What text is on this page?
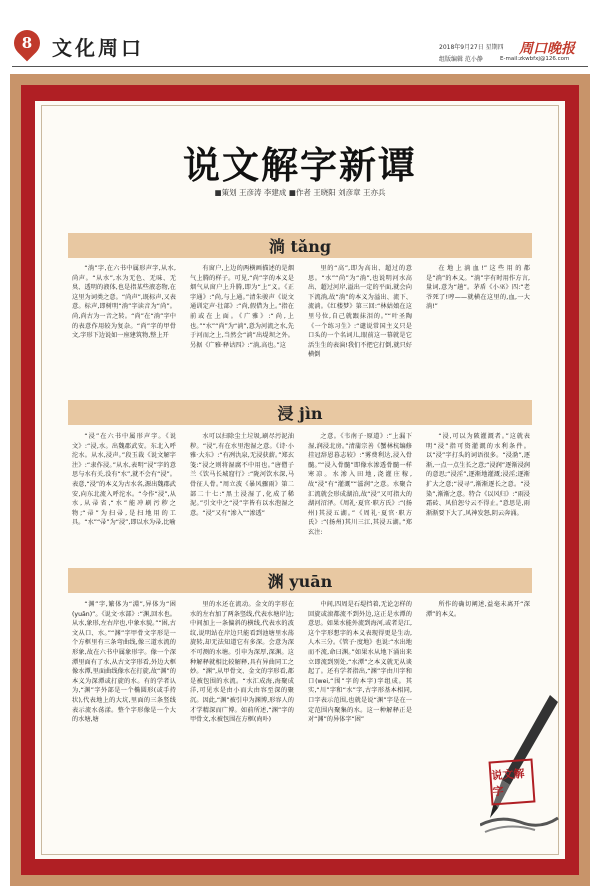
8 文化周口	2018年9月27日 星期四
组版编辑 范小静
周口晚报
E-mail:zkwbfxj@126.com
说文解字新谭
■策划 王彦涛 李建成 ■作者 王晓阳 刘彦章 王亦兵
淌 tǎng

“淌”字,在六书中属形声字,从水,尚声。“从水”,水为无色、无味、无臭、透明的液体,也是指某些液态物,在这里为词类之意。“尚声”,既标声,又表意。标声,即树明“淌”字读音为“尚”。尚,尚古为一音之转。“尚”在“淌”字中的表意作用较为复杂。“尚”字的甲骨文,字形下边说如一座建筑物,整上开

有窗户,上边的两横画描述的是烟气上腾的样子。可见,“尚”字的本义是烟气从窗户上升腾,即为“上”义。《正字通》:“尚,与上通。”清朱骏声《说文通训定声·壮部》:“尚,假借为上。”指在前或在上面。《广雅》:“尚,上也。”“水”“尚”为“淌”,意为河流之水,先于河而之上,当然会“淌”出堤坝之外。另据《广雅·释诂四》:“淌,高也。”这

里的“高”,即为高出、超过的意思。“水”“尚”为“淌”,也说明河水高出、超过河岸,溢出一定的平面,就会向下流淌,故“淌”的本义为溢出、流下、流淌。《红楼梦》第三回:“林姑娘在这里号位,自己就跟抹泪的。”“叶圣陶《一个练习生》:“谴说常国主义只是口头的一个名词儿,眼前这一幕就是它活生生的表演!我们不把它打倒,就只好横倒

在地上淌血!”这些用的都是“淌”的本义。“淌”字有时用作方言,量词,意为“趟”。茅盾《小巫》四:“老爷死了!哼——就横在这里的,血,一大淌!”

浸 jìn

“浸”在六书中属形声字。《说文》:“浸,水。出魏郡武安。东北入呼沱水。从水,浸声。”段玉裁《说文解字注》:“隶作浸。”从水,表明“浸”字的意思与水有关,没有“水”,就不会有“浸”。表意,“浸”的本义为古水名,源出魏郡武安,向东北流入呼沱水。“今作“浸”,从水,从帚省,“水”能冲刷污秽之物;“帚”为扫帚,是扫地用的工具。“水”“帚”为“浸”,即以水为帚,比喻

水可以扫除尘土垃圾,刷尽污泥油秽。“浸”,有在水里泡湿之意。《诗·小雅·大东》:“有冽氿泉,无浸获薪。”郑玄笺:“浸之则将湿腐不中用也。”唐僧子兰《饮马长城窟行》:“陇河饮水深,马骨征人骨。”周立波《暴风骤雨》第二部二十七:“黑土浸湿了,化成了稀泥。”引文中之“浸”字皆有以水泡湿之意。“浸”又有“渗入”“渗透”

之意。《韦南子·原道》:“上漏下湿,润浸北房。”清蒲宗善《蟹林杭编修挂冠辞恩暮志较》:“雾费利达,浸入骨髓。”“浸入骨髓”即像水渗透骨髓一样寒凉。水渗入田地,浇灌庄稼,故“浸”有“灌溉”“滋润”之意。水聚合汇流就会形成湖泊,故“浸”又可指大的湖河沼泽。《周礼·夏官·职方氏》:“(扬州)其浸五湖。”《周礼·夏官·职方氏》:“(扬州)其川三江,其浸五湖。”郑玄注:

“浸,可以为陂灌溉者。”这就表明“浸”指可资灌溉的水利条件。以“浸”字打头的词语很多。“浸泐”,逐渐,一点一点生长之意;“浸润”逐渐浸润的意思;“浸淫”,逐渐地灌溉;浸淫;逐渐扩大之意;“浸寻”,渐渐逐长之意。“浸染”,渐渐之意。特合《以风归》:“雨浸霜砖、风伯恕兮云不得止。”意思是,雨渐渐要下大了,风神发怒,阴云奔涌。

渊 yuān

“渊”字,繁体为“淵”,异体为“囦(yuān)”。《说文·水部》:“渊,回水也。从水,象形,左右岸也,中象水貌。”“囦,古文从口、水。”“渊”字甲骨文字形是一个方框里有三条弯曲线,像三道水流的形象,故在六书中属象形字。像一个深潭里面有了水,从古文字形看,外边大框像水潭,里面曲线像水在打旋,故“渊”的本义为深潭或打旋的水。有的学者认为,“渊”字外部是一个椭圆形(或手持状),代表地上的大坑,里面的三条竖线表示流水荡漾。整个字形像是一个大的水塘,塘

里的水还在流动。金文的字形在水的左右加了两条竖线,代表水塘岸边;中间加上一条偏斜的横线,代表水的波纹,说明站在岸边只能看到池塘里水荡旋转,却无法知道它有多深。会意为深不可测的水塘。引申为深厚,深渊。这种解释就相比较解释,具有异曲同工之妙。“渊”,从甲骨文、金文的字形看,都是被包围的水流。“水汇成海,海聚成洋,可见水是由小而大由容至深的聚沉。因此,“渊”被引申为渊博,形容人的才学精深而广博。如前所述,“渊”字的甲骨文,水被包围在方框(㕯卟)

中间,四周是石堤挡着,无论怎样的回旋或滚都流不到外边,这正是水潭的意思。如果水能外流到海河,或者是江,这个字形想字的本义表现得更是生动,人木三分。《管子·度地》也说:“水出地而不流,命曰渊。”如果水从地下涌出来立即流到别处,“水潭”之本义就无从谈起了。还有学者指出,“渊”字由川字和口(wei,“围”字的本字)字组成。其实,“川”字和“水”字,古字形基本相同,口字表示范围,也就是说“渊”字是在一定范围内聚集的水。这一种解释正是对“渊”的异体字“囦”

所作的确切阐述,益毫未离开“深潭”的本义。

说文解字
